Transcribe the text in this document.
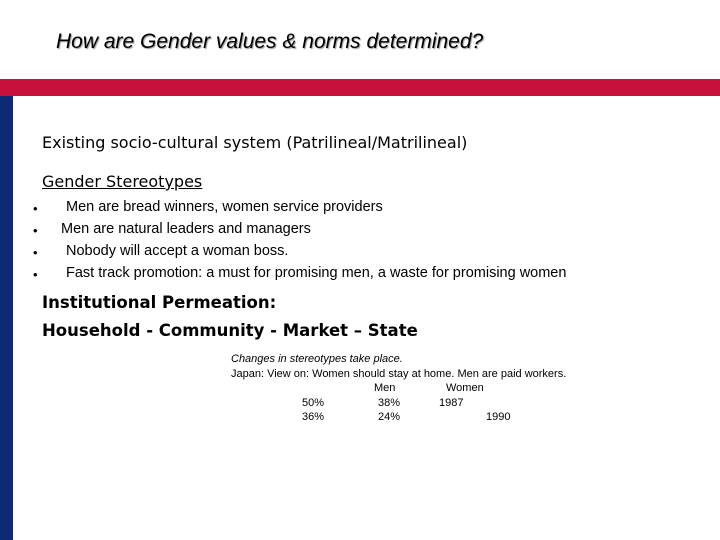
How are Gender values & norms determined?
Existing socio-cultural system (Patrilineal/Matrilineal)
Gender Stereotypes
• Men are bread winners, women service providers
• Men are natural leaders and managers
• Nobody will accept a woman boss.
• Fast track promotion: a must for promising men, a waste for promising women
Institutional Permeation:
Household - Community - Market – State
Changes in stereotypes take place.
Japan: View on: Women should stay at home. Men are paid workers.
Men	Women
50%	38%	1987
36%	24%	1990
